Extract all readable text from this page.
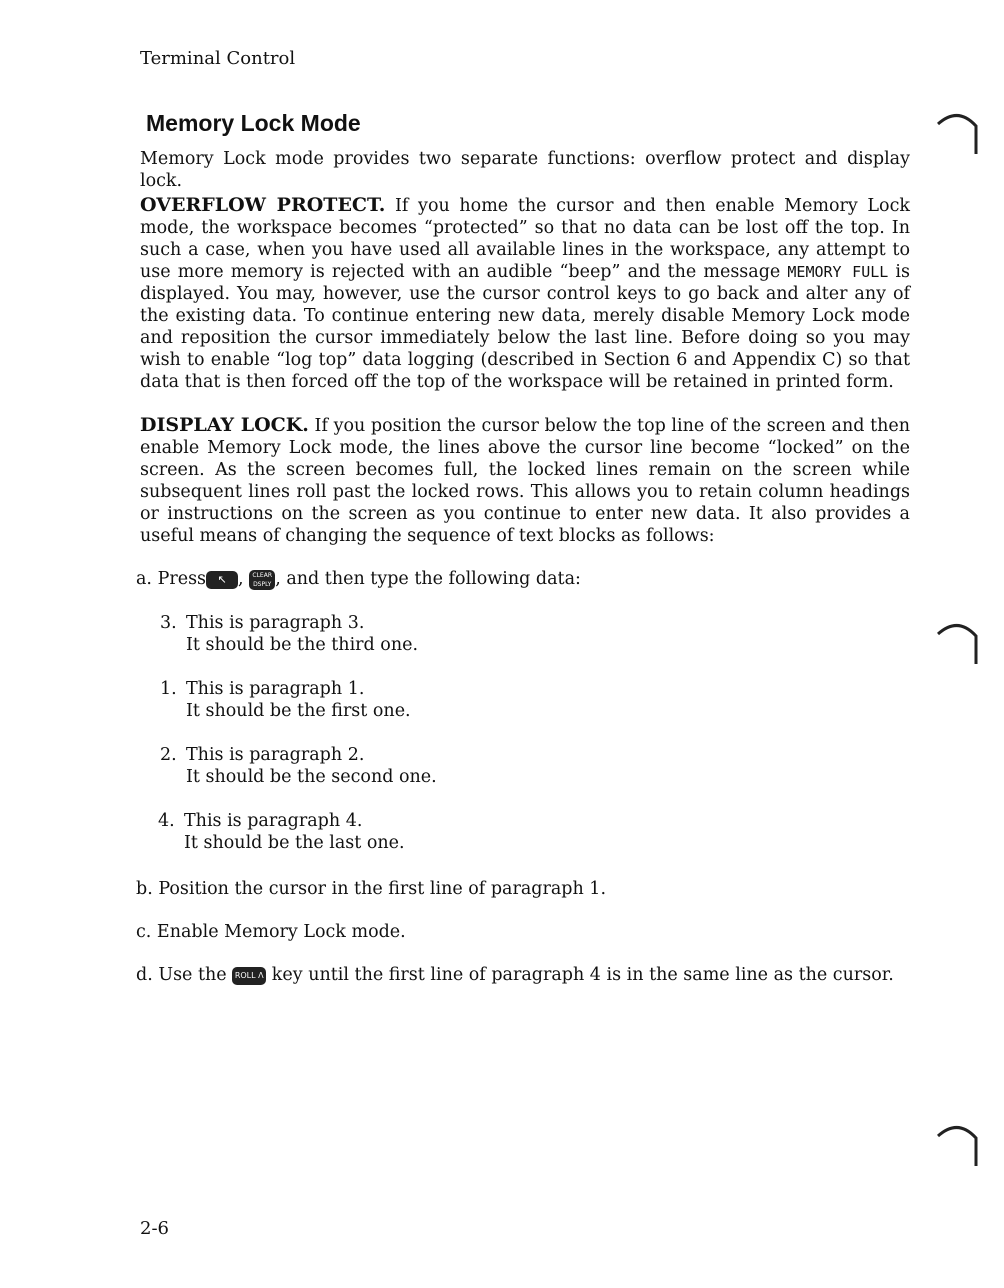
Terminal Control
Memory Lock Mode
Memory Lock mode provides two separate functions: overflow protect and display lock.
OVERFLOW PROTECT. If you home the cursor and then enable Memory Lock mode, the workspace becomes “protected” so that no data can be lost off the top. In such a case, when you have used all available lines in the workspace, any attempt to use more memory is rejected with an audible “beep” and the message MEMORY FULL is displayed. You may, however, use the cursor control keys to go back and alter any of the existing data. To continue entering new data, merely disable Memory Lock mode and reposition the cursor immediately below the last line. Before doing so you may wish to enable “log top” data logging (described in Section 6 and Appendix C) so that data that is then forced off the top of the workspace will be retained in printed form.
DISPLAY LOCK. If you position the cursor below the top line of the screen and then enable Memory Lock mode, the lines above the cursor line become “locked” on the screen. As the screen becomes full, the locked lines remain on the screen while subsequent lines roll past the locked rows. This allows you to retain column headings or instructions on the screen as you continue to enter new data. It also provides a useful means of changing the sequence of text blocks as follows:
a. Press ↖ , CLEAR
DSPLY , and then type the following data:
3. This is paragraph 3.
It should be the third one.
1. This is paragraph 1.
It should be the first one.
2. This is paragraph 2.
It should be the second one.
4. This is paragraph 4.
It should be the last one.
b. Position the cursor in the first line of paragraph 1.
c. Enable Memory Lock mode.
d. Use the ROLL Λ key until the first line of paragraph 4 is in the same line as the cursor.
2-6
